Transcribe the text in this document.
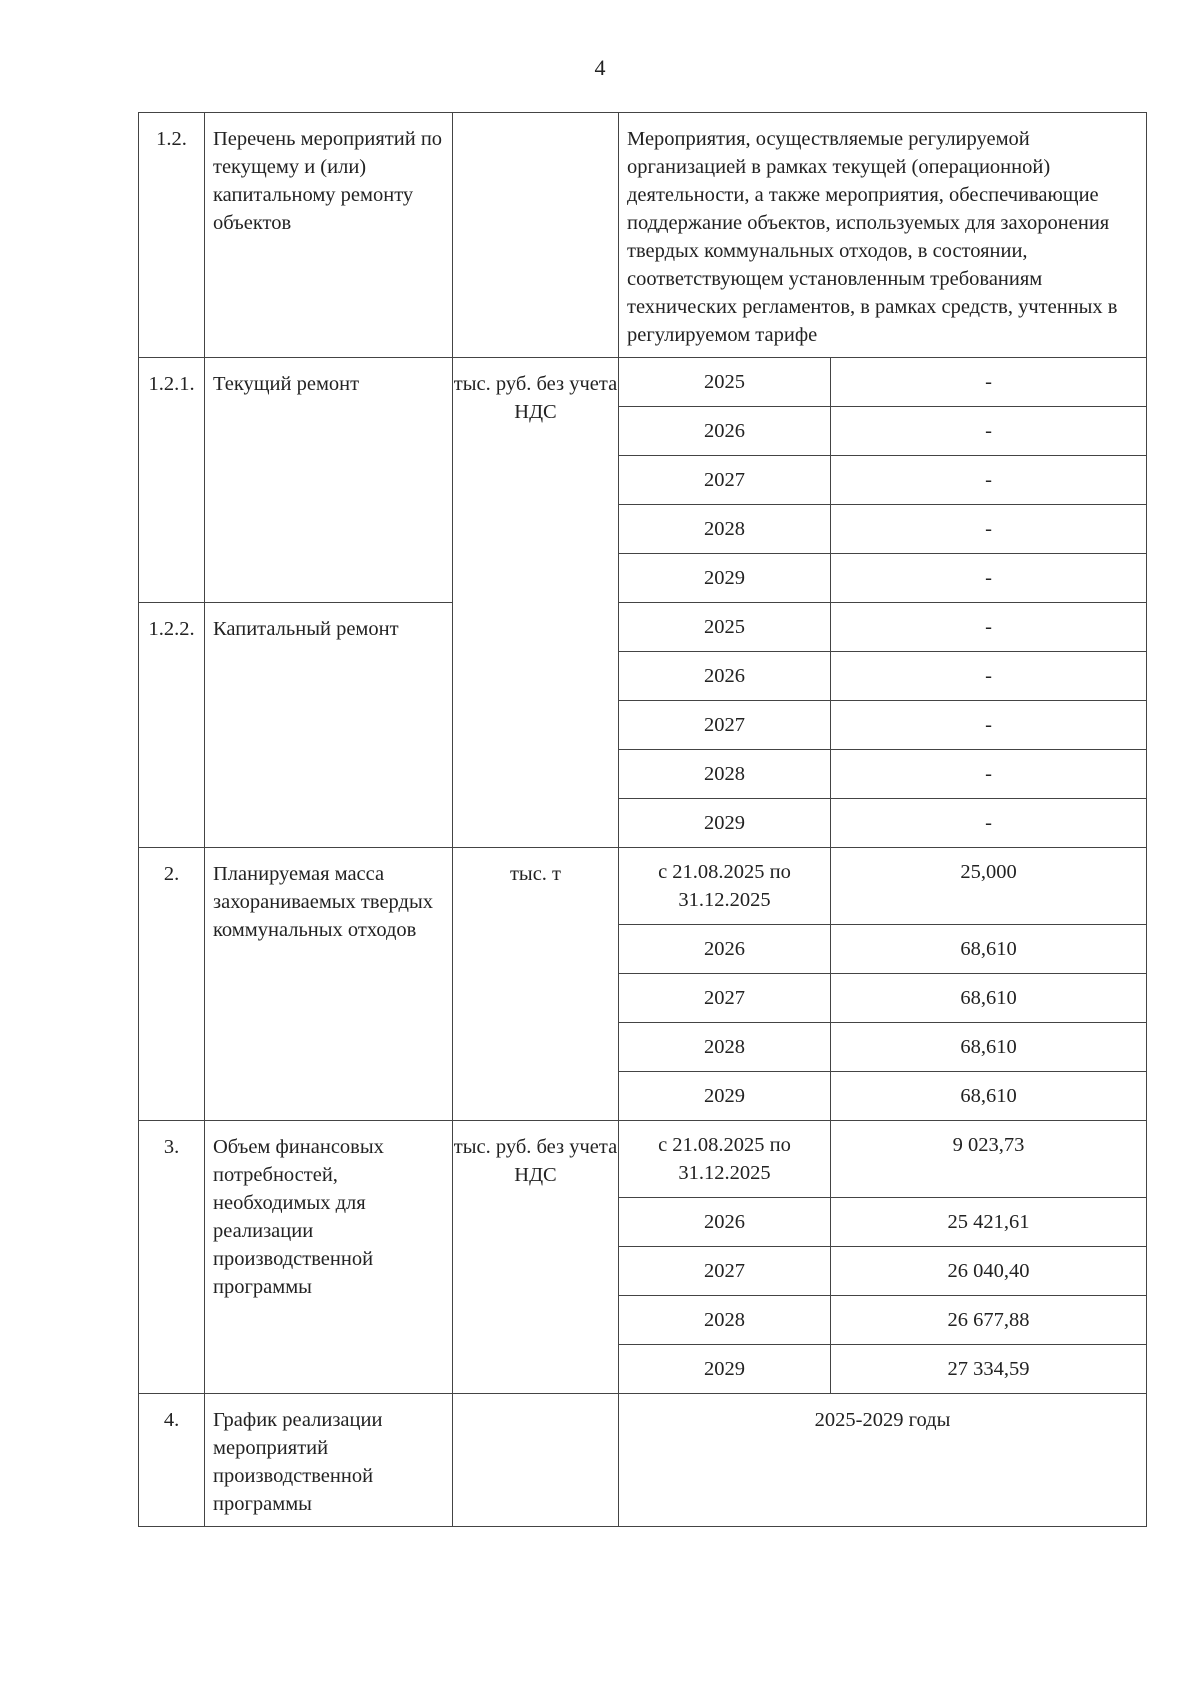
4
1.2.	Перечень мероприятий по текущему и (или) капитальному ремонту объектов		Мероприятия, осуществляемые регулируемой организацией в рамках текущей (операционной) деятельности, а также мероприятия, обеспечивающие поддержание объектов, используемых для захоронения твердых коммунальных отходов, в состоянии, соответствующем установленным требованиям технических регламентов, в рамках средств, учтенных в регулируемом тарифе	
1.2.1.	Текущий ремонт	тыс. руб. без учета НДС	2025	-
			2026	-
			2027	-
			2028	-
			2029	-
1.2.2.	Капитальный ремонт		2025	-
			2026	-
			2027	-
			2028	-
			2029	-
2.	Планируемая масса захораниваемых твердых коммунальных отходов	тыс. т	с 21.08.2025 по 31.12.2025	25,000
			2026	68,610
			2027	68,610
			2028	68,610
			2029	68,610
3.	Объем финансовых потребностей, необходимых для реализации производственной программы	тыс. руб. без учета НДС	с 21.08.2025 по 31.12.2025	9 023,73
			2026	25 421,61
			2027	26 040,40
			2028	26 677,88
			2029	27 334,59
4.	График реализации мероприятий производственной программы		2025-2029 годы	
